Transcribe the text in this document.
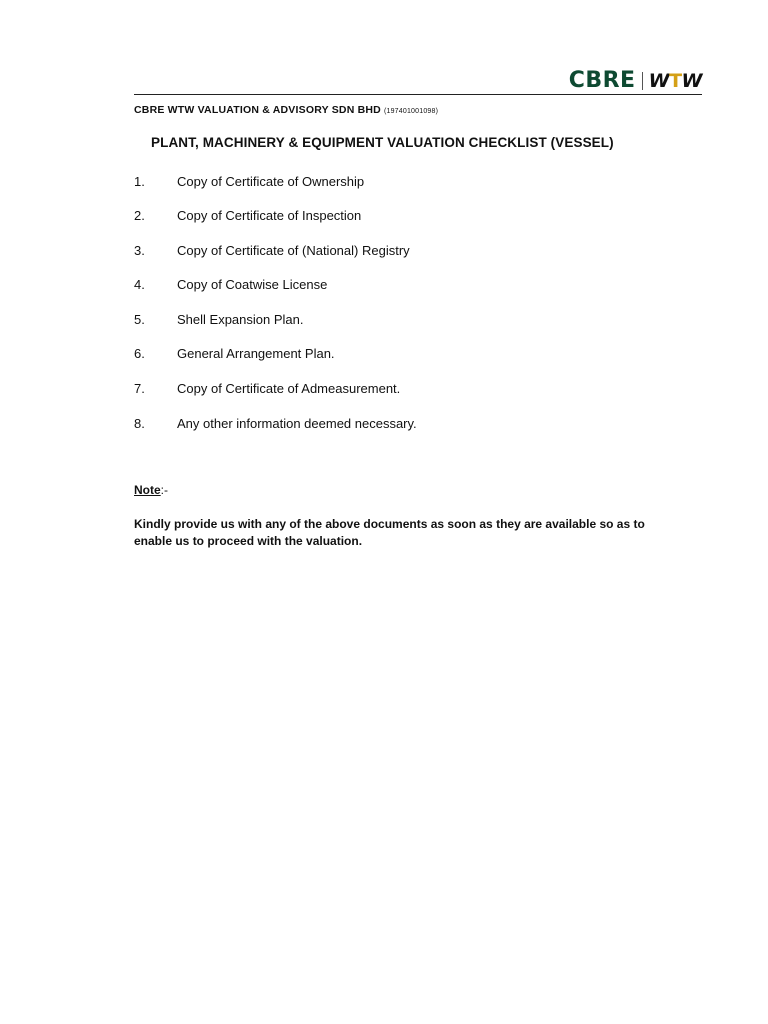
CBRE WTW
CBRE WTW VALUATION & ADVISORY SDN BHD (197401001098)
PLANT, MACHINERY & EQUIPMENT VALUATION CHECKLIST (VESSEL)
1. Copy of Certificate of Ownership
2. Copy of Certificate of Inspection
3. Copy of Certificate of (National) Registry
4. Copy of Coatwise License
5. Shell Expansion Plan.
6. General Arrangement Plan.
7. Copy of Certificate of Admeasurement.
8. Any other information deemed necessary.
Note:-
Kindly provide us with any of the above documents as soon as they are available so as to enable us to proceed with the valuation.
